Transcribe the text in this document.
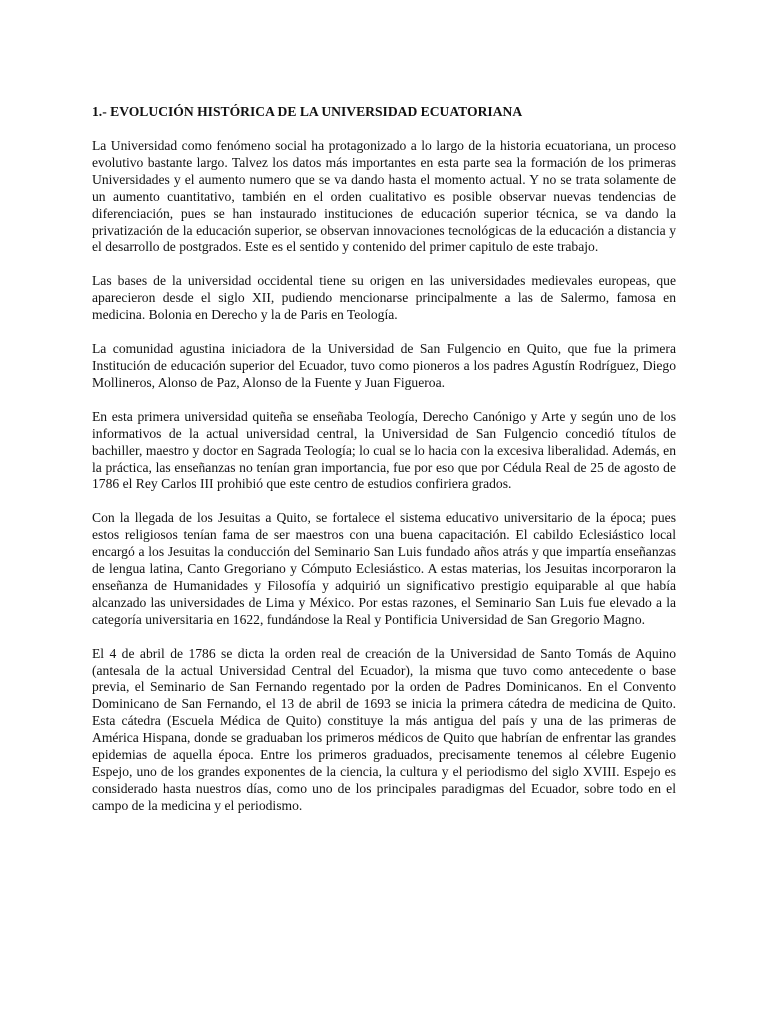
1.- EVOLUCIÓN HISTÓRICA DE LA UNIVERSIDAD ECUATORIANA

La Universidad como fenómeno social ha protagonizado a lo largo de la historia ecuatoriana, un proceso evolutivo bastante largo. Talvez los datos más importantes en esta parte sea la formación de los primeras Universidades y el aumento numero que se va dando hasta el momento actual. Y no se trata solamente de un aumento cuantitativo, también en el orden cualitativo es posible observar nuevas tendencias de diferenciación, pues se han instaurado instituciones de educación superior técnica, se va dando la privatización de la educación superior, se observan innovaciones tecnológicas de la educación a distancia y el desarrollo de postgrados. Este es el sentido y contenido del primer capitulo de este trabajo.

Las bases de la universidad occidental tiene su origen en las universidades medievales europeas, que aparecieron desde el siglo XII, pudiendo mencionarse principalmente a las de Salermo, famosa en medicina. Bolonia en Derecho y la de Paris en Teología.

La comunidad agustina iniciadora de la Universidad de San Fulgencio en Quito, que fue la primera Institución de educación superior del Ecuador, tuvo como pioneros a los padres Agustín Rodríguez, Diego Mollineros, Alonso de Paz, Alonso de la Fuente y Juan Figueroa.

En esta primera universidad quiteña se enseñaba Teología, Derecho Canónigo y Arte y según uno de los informativos de la actual universidad central, la Universidad de San Fulgencio concedió títulos de bachiller, maestro y doctor en Sagrada Teología; lo cual se lo hacia con la excesiva liberalidad. Además, en la práctica, las enseñanzas no tenían gran importancia, fue por eso que por Cédula Real de 25 de agosto de 1786 el Rey Carlos III prohibió que este centro de estudios confiriera grados.

Con la llegada de los Jesuitas a Quito, se fortalece el sistema educativo universitario de la época; pues estos religiosos tenían fama de ser maestros con una buena capacitación. El cabildo Eclesiástico local encargó a los Jesuitas la conducción del Seminario San Luis fundado años atrás y que impartía enseñanzas de lengua latina, Canto Gregoriano y Cómputo Eclesiástico. A estas materias, los Jesuitas incorporaron la enseñanza de Humanidades y Filosofía y adquirió un significativo prestigio equiparable al que había alcanzado las universidades de Lima y México. Por estas razones, el Seminario San Luis fue elevado a la categoría universitaria en 1622, fundándose la Real y Pontificia Universidad de San Gregorio Magno.

El 4 de abril de 1786 se dicta la orden real de creación de la Universidad de Santo Tomás de Aquino (antesala de la actual Universidad Central del Ecuador), la misma que tuvo como antecedente o base previa, el Seminario de San Fernando regentado por la orden de Padres Dominicanos. En el Convento Dominicano de San Fernando, el 13 de abril de 1693 se inicia la primera cátedra de medicina de Quito. Esta cátedra (Escuela Médica de Quito) constituye la más antigua del país y una de las primeras de América Hispana, donde se graduaban los primeros médicos de Quito que habrían de enfrentar las grandes epidemias de aquella época. Entre los primeros graduados, precisamente tenemos al célebre Eugenio Espejo, uno de los grandes exponentes de la ciencia, la cultura y el periodismo del siglo XVIII. Espejo es considerado hasta nuestros días, como uno de los principales paradigmas del Ecuador, sobre todo en el campo de la medicina y el periodismo.
